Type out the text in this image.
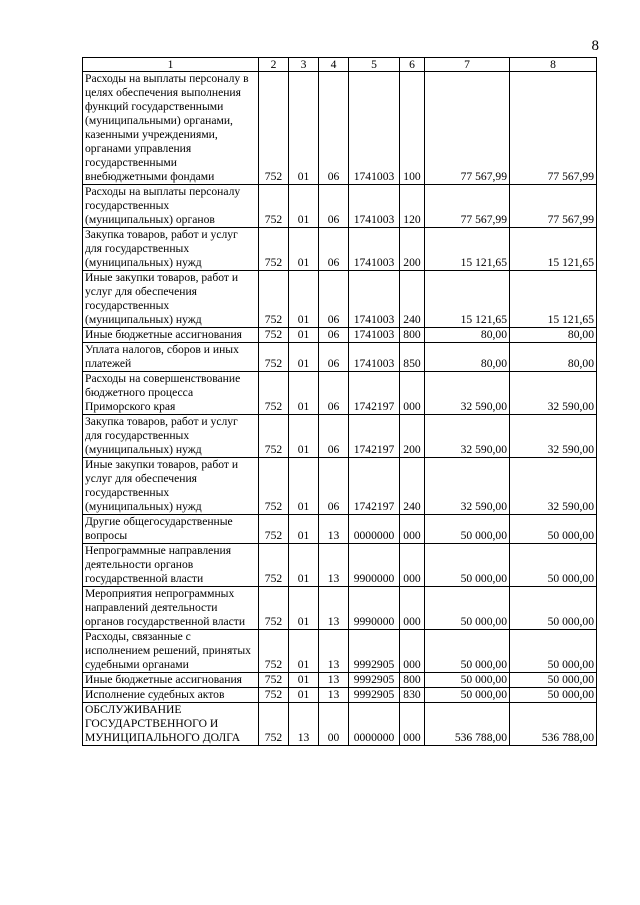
8
1	2	3	4	5	6	7	8
Расходы на выплаты персоналу в целях обеспечения выполнения функций государственными (муниципальными) органами, казенными учреждениями, органами управления государственными внебюджетными фондами	752	01	06	1741003	100	77 567,99	77 567,99
Расходы на выплаты персоналу государственных (муниципальных) органов	752	01	06	1741003	120	77 567,99	77 567,99
Закупка товаров, работ и услуг для государственных (муниципальных) нужд	752	01	06	1741003	200	15 121,65	15 121,65
Иные закупки товаров, работ и услуг для обеспечения государственных (муниципальных) нужд	752	01	06	1741003	240	15 121,65	15 121,65
Иные бюджетные ассигнования	752	01	06	1741003	800	80,00	80,00
Уплата налогов, сборов и иных платежей	752	01	06	1741003	850	80,00	80,00
Расходы на совершенствование бюджетного процесса Приморского края	752	01	06	1742197	000	32 590,00	32 590,00
Закупка товаров, работ и услуг для государственных (муниципальных) нужд	752	01	06	1742197	200	32 590,00	32 590,00
Иные закупки товаров, работ и услуг для обеспечения государственных (муниципальных) нужд	752	01	06	1742197	240	32 590,00	32 590,00
Другие общегосударственные вопросы	752	01	13	0000000	000	50 000,00	50 000,00
Непрограммные направления деятельности органов государственной власти	752	01	13	9900000	000	50 000,00	50 000,00
Мероприятия непрограммных направлений деятельности органов государственной власти	752	01	13	9990000	000	50 000,00	50 000,00
Расходы, связанные с исполнением решений, принятых судебными органами	752	01	13	9992905	000	50 000,00	50 000,00
Иные бюджетные ассигнования	752	01	13	9992905	800	50 000,00	50 000,00
Исполнение судебных актов	752	01	13	9992905	830	50 000,00	50 000,00
ОБСЛУЖИВАНИЕ ГОСУДАРСТВЕННОГО И МУНИЦИПАЛЬНОГО ДОЛГА	752	13	00	0000000	000	536 788,00	536 788,00
